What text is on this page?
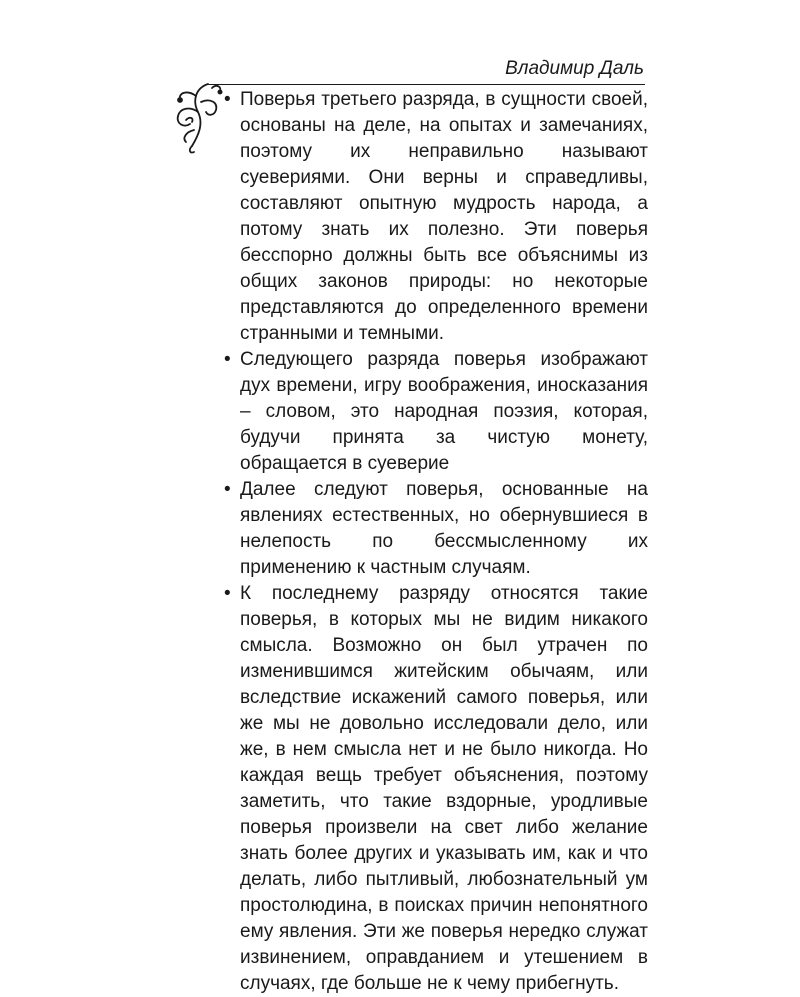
Владимир Даль
• Поверья третьего разряда, в сущности своей, основаны на деле, на опытах и замечаниях, поэтому их неправильно называют суевериями. Они верны и справедливы, составляют опытную мудрость народа, а потому знать их полезно. Эти поверья бесспорно должны быть все объяснимы из общих законов природы: но некоторые представляются до определенного времени странными и темными.
• Следующего разряда поверья изображают дух времени, игру воображения, иносказания – словом, это народная поэзия, которая, будучи принята за чистую монету, обращается в суеверие
• Далее следуют поверья, основанные на явлениях естественных, но обернувшиеся в нелепость по бессмысленному их применению к частным случаям.
• К последнему разряду относятся такие поверья, в которых мы не видим никакого смысла. Возможно он был утрачен по изменившимся житейским обычаям, или вследствие искажений самого поверья, или же мы не довольно исследовали дело, или же, в нем смысла нет и не было никогда. Но каждая вещь требует объяснения, поэтому заметить, что такие вздорные, уродливые поверья произвели на свет либо желание знать более других и указывать им, как и что делать, либо пытливый, любознательный ум простолюдина, в поисках причин непонятного ему явления. Эти же поверья нередко служат извинением, оправданием и утешением в случаях, где больше не к чему прибегнуть.
